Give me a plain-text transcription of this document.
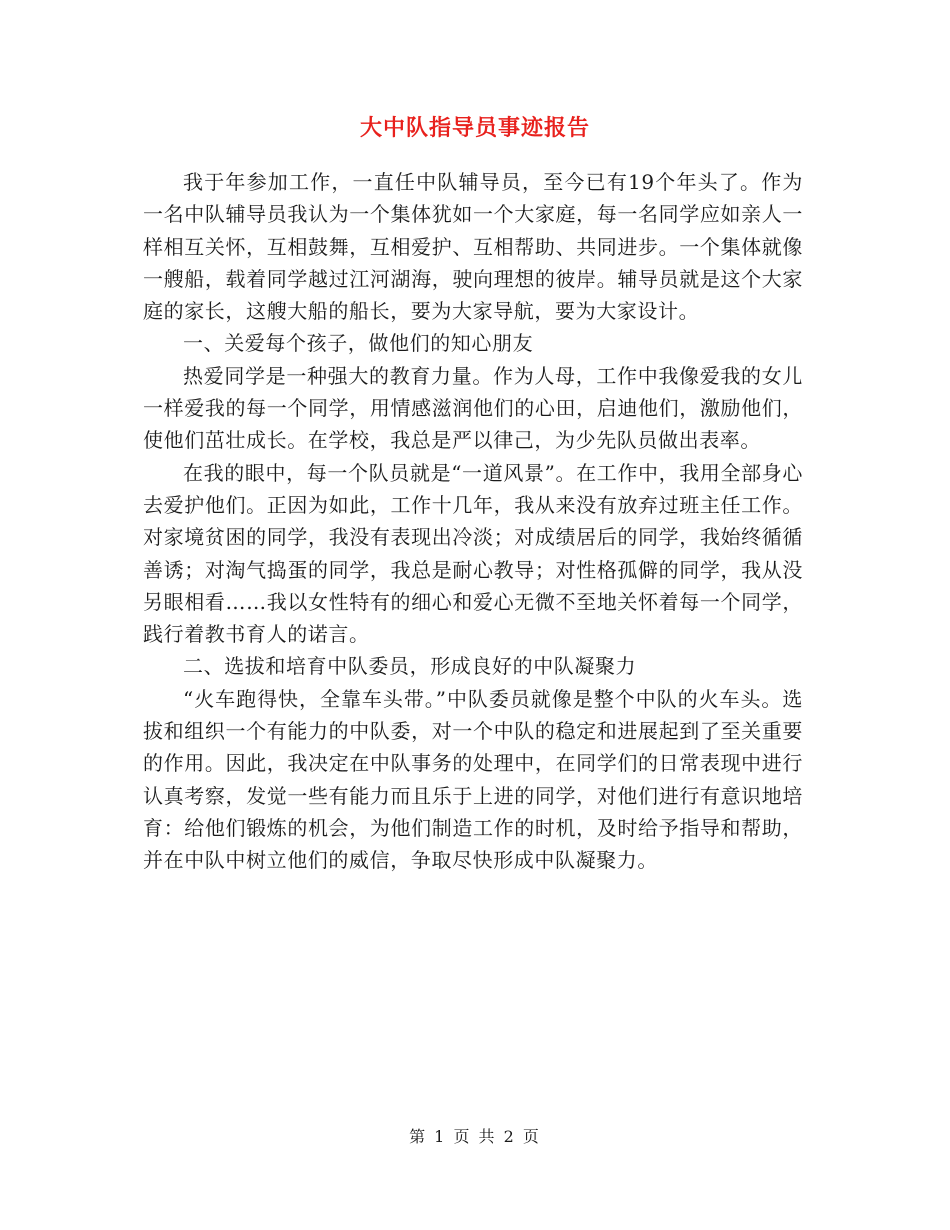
大中队指导员事迹报告

我于年参加工作，一直任中队辅导员，至今已有19个年头了。作为一名中队辅导员我认为一个集体犹如一个大家庭，每一名同学应如亲人一样相互关怀，互相鼓舞，互相爱护、互相帮助、共同进步。一个集体就像一艘船，载着同学越过江河湖海，驶向理想的彼岸。辅导员就是这个大家庭的家长，这艘大船的船长，要为大家导航，要为大家设计。

一、关爱每个孩子，做他们的知心朋友

热爱同学是一种强大的教育力量。作为人母，工作中我像爱我的女儿一样爱我的每一个同学，用情感滋润他们的心田，启迪他们，激励他们，使他们茁壮成长。在学校，我总是严以律己，为少先队员做出表率。

在我的眼中，每一个队员就是“一道风景”。在工作中，我用全部身心去爱护他们。正因为如此，工作十几年，我从来没有放弃过班主任工作。对家境贫困的同学，我没有表现出冷淡；对成绩居后的同学，我始终循循善诱；对淘气捣蛋的同学，我总是耐心教导；对性格孤僻的同学，我从没另眼相看……我以女性特有的细心和爱心无微不至地关怀着每一个同学，践行着教书育人的诺言。

二、选拔和培育中队委员，形成良好的中队凝聚力

“火车跑得快，全靠车头带。”中队委员就像是整个中队的火车头。选拔和组织一个有能力的中队委，对一个中队的稳定和进展起到了至关重要的作用。因此，我决定在中队事务的处理中，在同学们的日常表现中进行认真考察，发觉一些有能力而且乐于上进的同学，对他们进行有意识地培育：给他们锻炼的机会，为他们制造工作的时机，及时给予指导和帮助，并在中队中树立他们的威信，争取尽快形成中队凝聚力。

第 1 页 共 2 页
